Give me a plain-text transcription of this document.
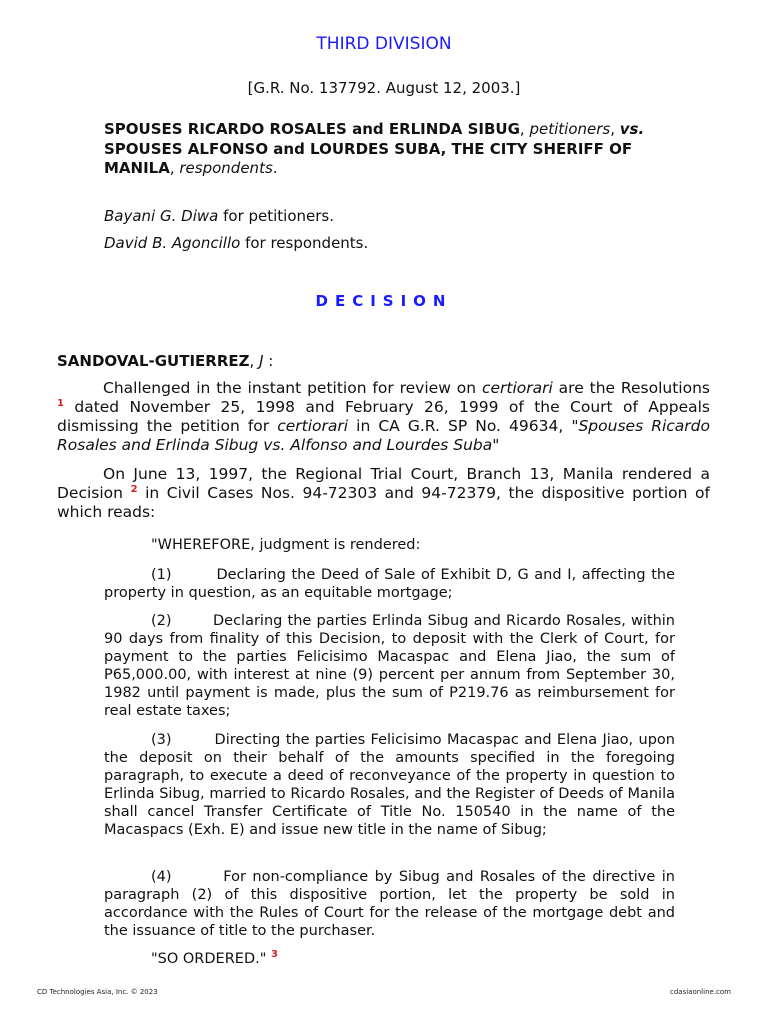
THIRD DIVISION
[G.R. No. 137792. August 12, 2003.]
SPOUSES RICARDO ROSALES and ERLINDA SIBUG, petitioners, vs. SPOUSES ALFONSO and LOURDES SUBA, THE CITY SHERIFF OF MANILA, respondents.
Bayani G. Diwa for petitioners.
David B. Agoncillo for respondents.
DECISION
SANDOVAL-GUTIERREZ, J :
Challenged in the instant petition for review on certiorari are the Resolutions $^1$ dated November 25, 1998 and February 26, 1999 of the Court of Appeals dismissing the petition for certiorari in CA G.R. SP No. 49634, "Spouses Ricardo Rosales and Erlinda Sibug vs. Alfonso and Lourdes Suba"
On June 13, 1997, the Regional Trial Court, Branch 13, Manila rendered a Decision $^2$ in Civil Cases Nos. 94-72303 and 94-72379, the dispositive portion of which reads:
"WHEREFORE, judgment is rendered:
(1)        Declaring the Deed of Sale of Exhibit D, G and I, affecting the property in question, as an equitable mortgage;
(2)        Declaring the parties Erlinda Sibug and Ricardo Rosales, within 90 days from finality of this Decision, to deposit with the Clerk of Court, for payment to the parties Felicisimo Macaspac and Elena Jiao, the sum of P65,000.00, with interest at nine (9) percent per annum from September 30, 1982 until payment is made, plus the sum of P219.76 as reimbursement for real estate taxes;
(3)        Directing the parties Felicisimo Macaspac and Elena Jiao, upon the deposit on their behalf of the amounts specified in the foregoing paragraph, to execute a deed of reconveyance of the property in question to Erlinda Sibug, married to Ricardo Rosales, and the Register of Deeds of Manila shall cancel Transfer Certificate of Title No. 150540 in the name of the Macaspacs (Exh. E) and issue new title in the name of Sibug;
(4)        For non-compliance by Sibug and Rosales of the directive in paragraph (2) of this dispositive portion, let the property be sold in accordance with the Rules of Court for the release of the mortgage debt and the issuance of title to the purchaser.
"SO ORDERED." $^3$
CD Technologies Asia, Inc. © 2023	cdasiaonline.com
